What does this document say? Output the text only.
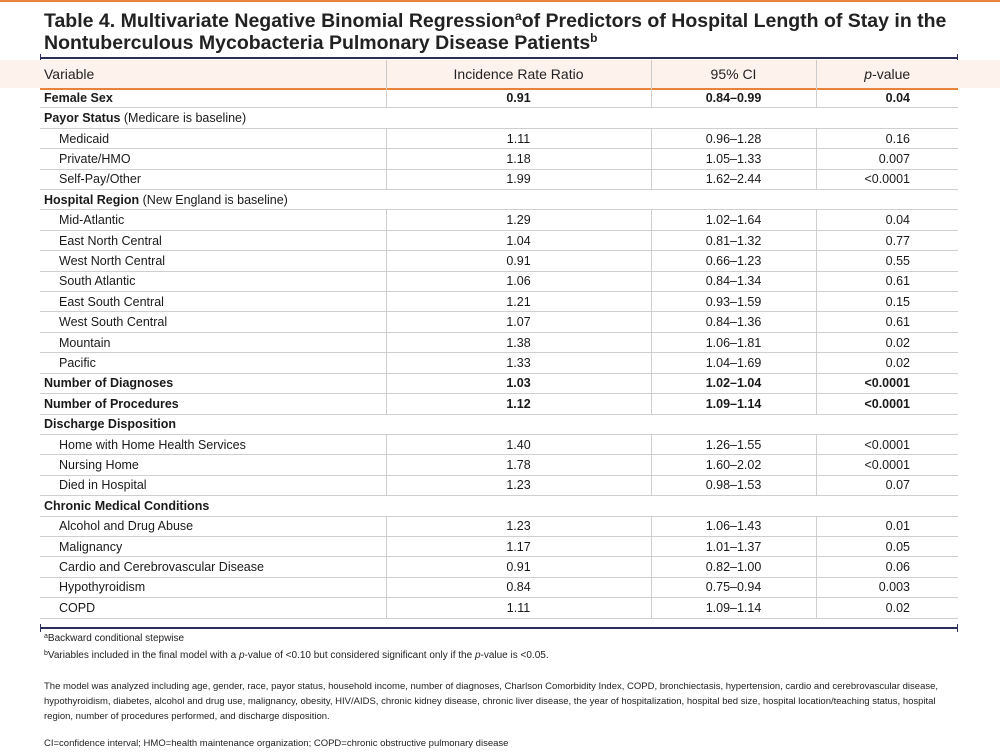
Table 4. Multivariate Negative Binomial Regression$^a$of Predictors of Hospital Length of Stay in the Nontuberculous Mycobacteria Pulmonary Disease Patients$^b$
Variable	Incidence Rate Ratio	95% CI	p-value
Female Sex	0.91	0.84–0.99	0.04
Payor Status (Medicare is baseline)			
Medicaid	1.11	0.96–1.28	0.16
Private/HMO	1.18	1.05–1.33	0.007
Self-Pay/Other	1.99	1.62–2.44	<0.0001
Hospital Region (New England is baseline)			
Mid-Atlantic	1.29	1.02–1.64	0.04
East North Central	1.04	0.81–1.32	0.77
West North Central	0.91	0.66–1.23	0.55
South Atlantic	1.06	0.84–1.34	0.61
East South Central	1.21	0.93–1.59	0.15
West South Central	1.07	0.84–1.36	0.61
Mountain	1.38	1.06–1.81	0.02
Pacific	1.33	1.04–1.69	0.02
Number of Diagnoses	1.03	1.02–1.04	<0.0001
Number of Procedures	1.12	1.09–1.14	<0.0001
Discharge Disposition			
Home with Home Health Services	1.40	1.26–1.55	<0.0001
Nursing Home	1.78	1.60–2.02	<0.0001
Died in Hospital	1.23	0.98–1.53	0.07
Chronic Medical Conditions			
Alcohol and Drug Abuse	1.23	1.06–1.43	0.01
Malignancy	1.17	1.01–1.37	0.05
Cardio and Cerebrovascular Disease	0.91	0.82–1.00	0.06
Hypothyroidism	0.84	0.75–0.94	0.003
COPD	1.11	1.09–1.14	0.02
$^a$Backward conditional stepwise
$^b$Variables included in the final model with a p-value of <0.10 but considered significant only if the p-value is <0.05.
The model was analyzed including age, gender, race, payor status, household income, number of diagnoses, Charlson Comorbidity Index, COPD, bronchiectasis, hypertension, cardio and cerebrovascular disease, hypothyroidism, diabetes, alcohol and drug use, malignancy, obesity, HIV/AIDS, chronic kidney disease, chronic liver disease, the year of hospitalization, hospital bed size, hospital location/teaching status, hospital region, number of procedures performed, and discharge disposition.
CI=confidence interval; HMO=health maintenance organization; COPD=chronic obstructive pulmonary disease
